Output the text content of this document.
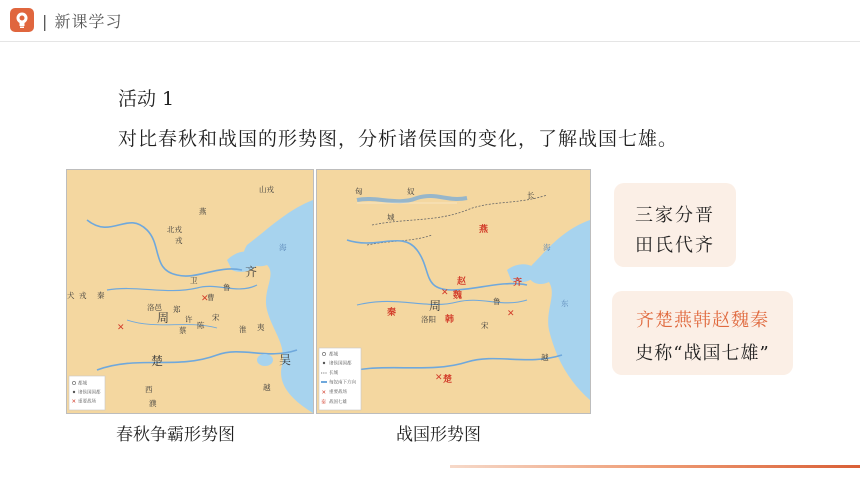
| 新课学习
活动 1
对比春秋和战国的形势图，分析诸侯国的变化，了解战国七雄。
山戎
燕
北戎
戎
齐
卫
鲁
曹
宋
周
洛邑 郑
许
蔡
陈	淮 夷
楚	吴
越
秦
西
濮
犬 戎
海
✕
✕
都城
诸侯国国都
✕ 重要战场
匈	奴	长
城
燕
赵	齐
周
洛阳
魏
韩
秦
楚
鲁
宋
越
东
海
✕
✕
✕
都城
诸侯国国都
长城
匈奴南下方向
✕ 重要战场
秦 战国七雄
春秋争霸形势图	战国形势图
三家分晋
田氏代齐
齐楚燕韩赵魏秦
史称“战国七雄”
